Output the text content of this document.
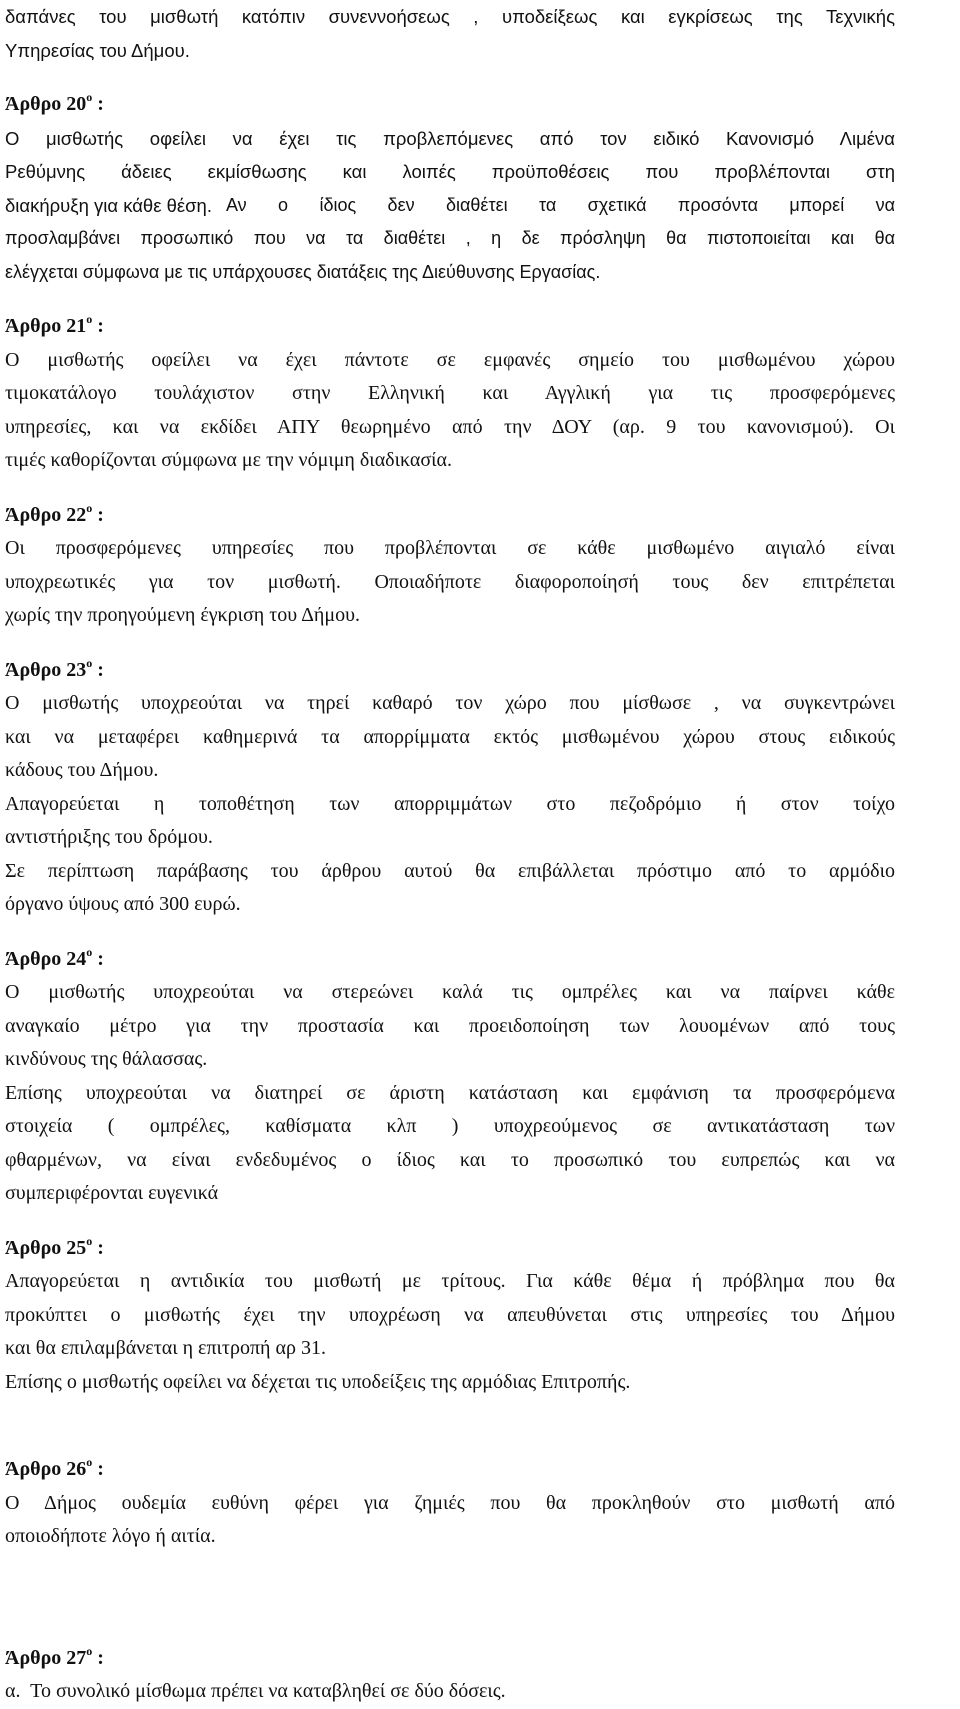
δαπάνες του μισθωτή κατόπιν συνεννοήσεως , υποδείξεως και εγκρίσεως της Τεχνικής
Υπηρεσίας του Δήμου.
Άρθρο $20^o$ :
Ο μισθωτής οφείλει να έχει τις προβλεπόμενες από τον ειδικό Κανονισμό Λιμένα
Ρεθύμνης άδειες εκμίσθωσης και λοιπές προϋποθέσεις που προβλέπονται στη
διακήρυξη για κάθε θέση. Αν ο ίδιος δεν διαθέτει τα σχετικά προσόντα μπορεί να
προσλαμβάνει προσωπικό που να τα διαθέτει , η δε πρόσληψη θα πιστοποιείται και θα
ελέγχεται σύμφωνα με τις υπάρχουσες διατάξεις της Διεύθυνσης Εργασίας.
Άρθρο $21^o$ :
Ο μισθωτής οφείλει να έχει πάντοτε σε εμφανές σημείο του μισθωμένου χώρου
τιμοκατάλογο τουλάχιστον στην Ελληνική και Αγγλική για τις προσφερόμενες
υπηρεσίες, και να εκδίδει ΑΠΥ θεωρημένο από την ΔΟΥ (αρ. 9 του κανονισμού). Οι
τιμές καθορίζονται σύμφωνα με την νόμιμη διαδικασία.
Άρθρο $22^o$ :
Οι προσφερόμενες υπηρεσίες που προβλέπονται σε κάθε μισθωμένο αιγιαλό είναι
υποχρεωτικές για τον μισθωτή. Οποιαδήποτε διαφοροποίησή τους δεν επιτρέπεται
χωρίς την προηγούμενη έγκριση του Δήμου.
Άρθρο $23^o$ :
Ο μισθωτής υποχρεούται να τηρεί καθαρό τον χώρο που μίσθωσε , να συγκεντρώνει
και να μεταφέρει καθημερινά τα απορρίμματα εκτός μισθωμένου χώρου στους ειδικούς
κάδους του Δήμου.
Απαγορεύεται η τοποθέτηση των απορριμμάτων στο πεζοδρόμιο ή στον τοίχο
αντιστήριξης του δρόμου.
Σε περίπτωση παράβασης του άρθρου αυτού θα επιβάλλεται πρόστιμο από το αρμόδιο
όργανο ύψους από 300 ευρώ.
Άρθρο $24^o$ :
Ο μισθωτής υποχρεούται να στερεώνει καλά τις ομπρέλες και να παίρνει κάθε
αναγκαίο μέτρο για την προστασία και προειδοποίηση των λουομένων από τους
κινδύνους της θάλασσας.
Επίσης υποχρεούται να διατηρεί σε άριστη κατάσταση και εμφάνιση τα προσφερόμενα
στοιχεία ( ομπρέλες, καθίσματα κλπ ) υποχρεούμενος σε αντικατάσταση των
φθαρμένων, να είναι ενδεδυμένος ο ίδιος και το προσωπικό του ευπρεπώς και να
συμπεριφέρονται ευγενικά
Άρθρο $25^o$ :
Απαγορεύεται η αντιδικία του μισθωτή με τρίτους. Για κάθε θέμα ή πρόβλημα που θα
προκύπτει ο μισθωτής έχει την υποχρέωση να απευθύνεται στις υπηρεσίες του Δήμου
και θα επιλαμβάνεται η επιτροπή αρ 31.
Επίσης ο μισθωτής οφείλει να δέχεται τις υποδείξεις της αρμόδιας Επιτροπής.
Άρθρο $26^o$ :
Ο Δήμος ουδεμία ευθύνη φέρει για ζημιές που θα προκληθούν στο μισθωτή από
οποιοδήποτε λόγο ή αιτία.
Άρθρο $27^o$ :
α.  Το συνολικό μίσθωμα πρέπει να καταβληθεί σε δύο δόσεις.
